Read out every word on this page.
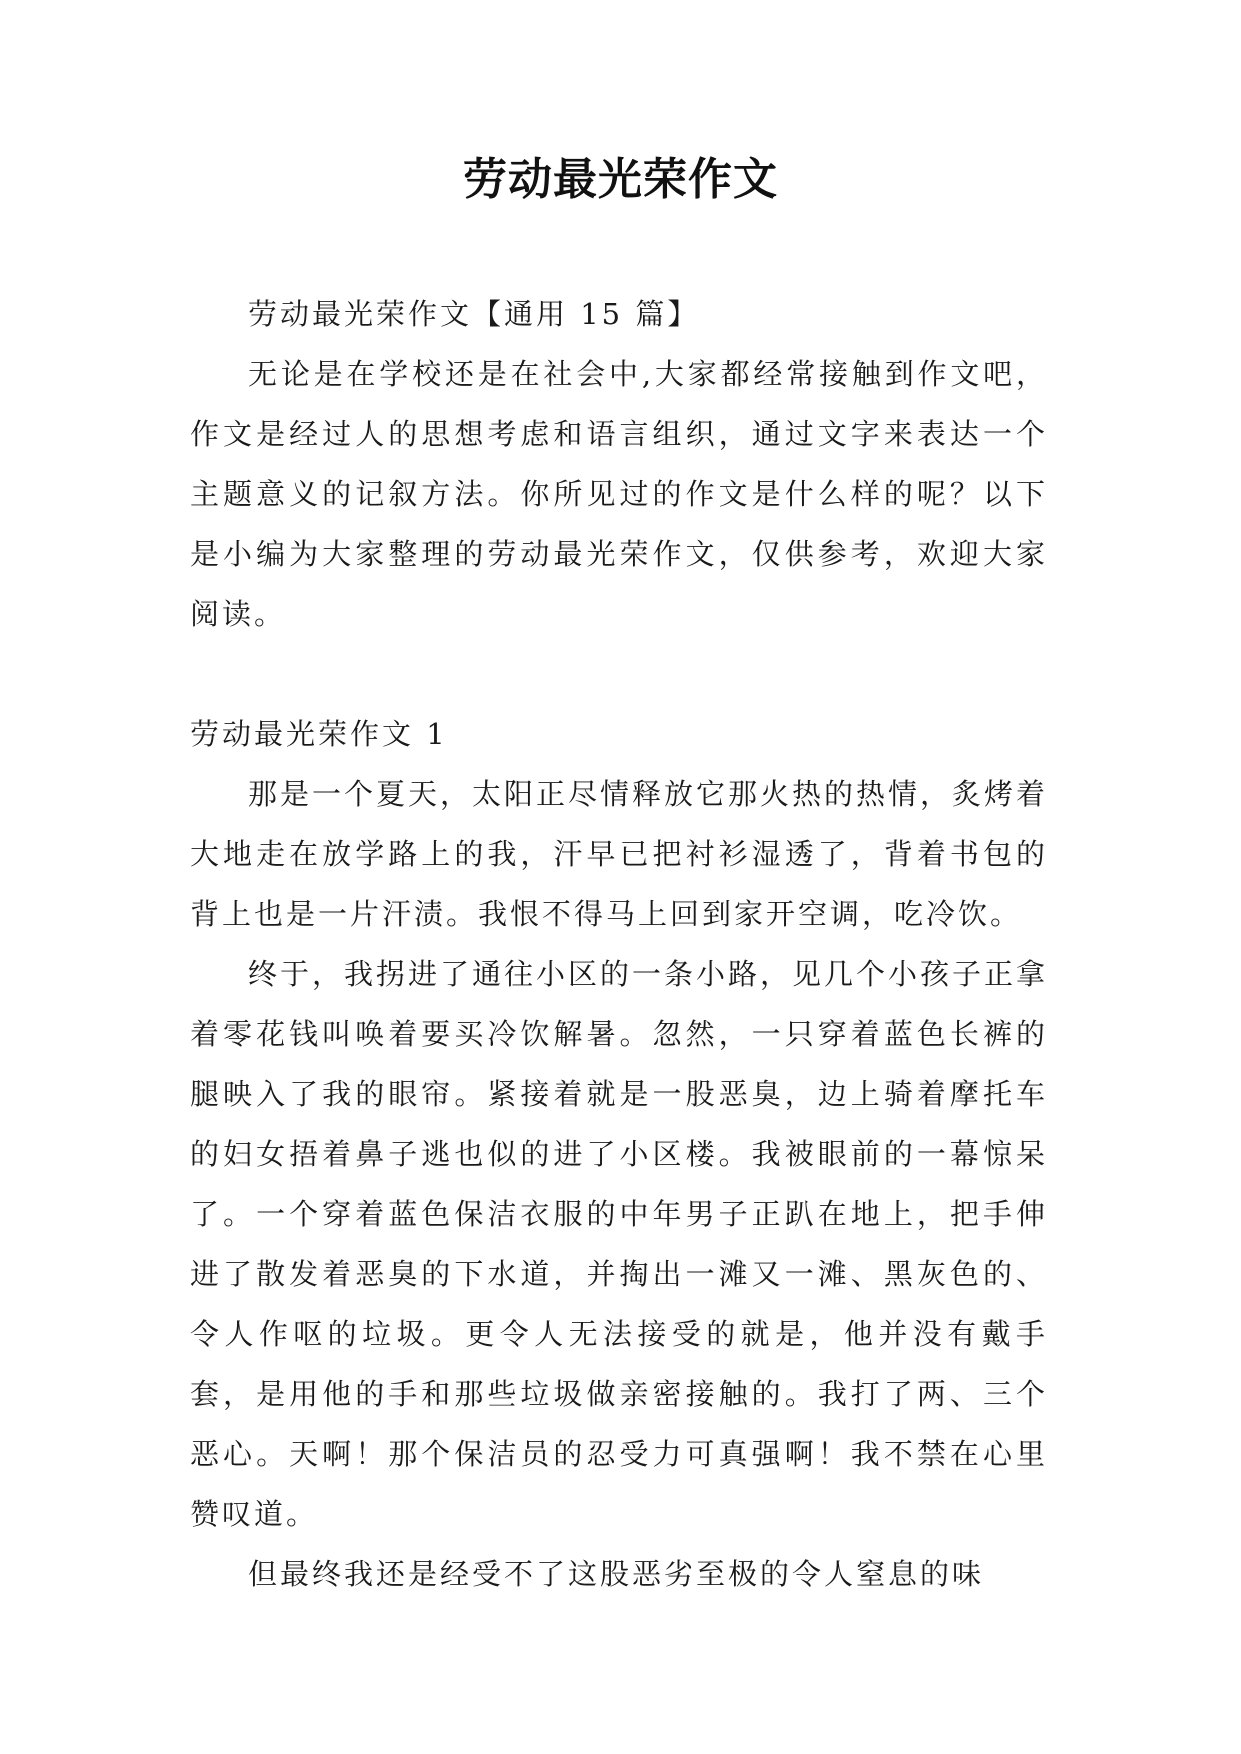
劳动最光荣作文

劳动最光荣作文【通用 15 篇】

无论是在学校还是在社会中,大家都经常接触到作文吧，作文是经过人的思想考虑和语言组织，通过文字来表达一个主题意义的记叙方法。你所见过的作文是什么样的呢？以下是小编为大家整理的劳动最光荣作文，仅供参考，欢迎大家阅读。

劳动最光荣作文 1

那是一个夏天，太阳正尽情释放它那火热的热情，炙烤着大地走在放学路上的我，汗早已把衬衫湿透了，背着书包的背上也是一片汗渍。我恨不得马上回到家开空调，吃冷饮。

终于，我拐进了通往小区的一条小路，见几个小孩子正拿着零花钱叫唤着要买冷饮解暑。忽然，一只穿着蓝色长裤的腿映入了我的眼帘。紧接着就是一股恶臭，边上骑着摩托车的妇女捂着鼻子逃也似的进了小区楼。我被眼前的一幕惊呆了。一个穿着蓝色保洁衣服的中年男子正趴在地上，把手伸进了散发着恶臭的下水道，并掏出一滩又一滩、黑灰色的、令人作呕的垃圾。更令人无法接受的就是，他并没有戴手套，是用他的手和那些垃圾做亲密接触的。我打了两、三个恶心。天啊！那个保洁员的忍受力可真强啊！我不禁在心里赞叹道。

但最终我还是经受不了这股恶劣至极的令人窒息的味
